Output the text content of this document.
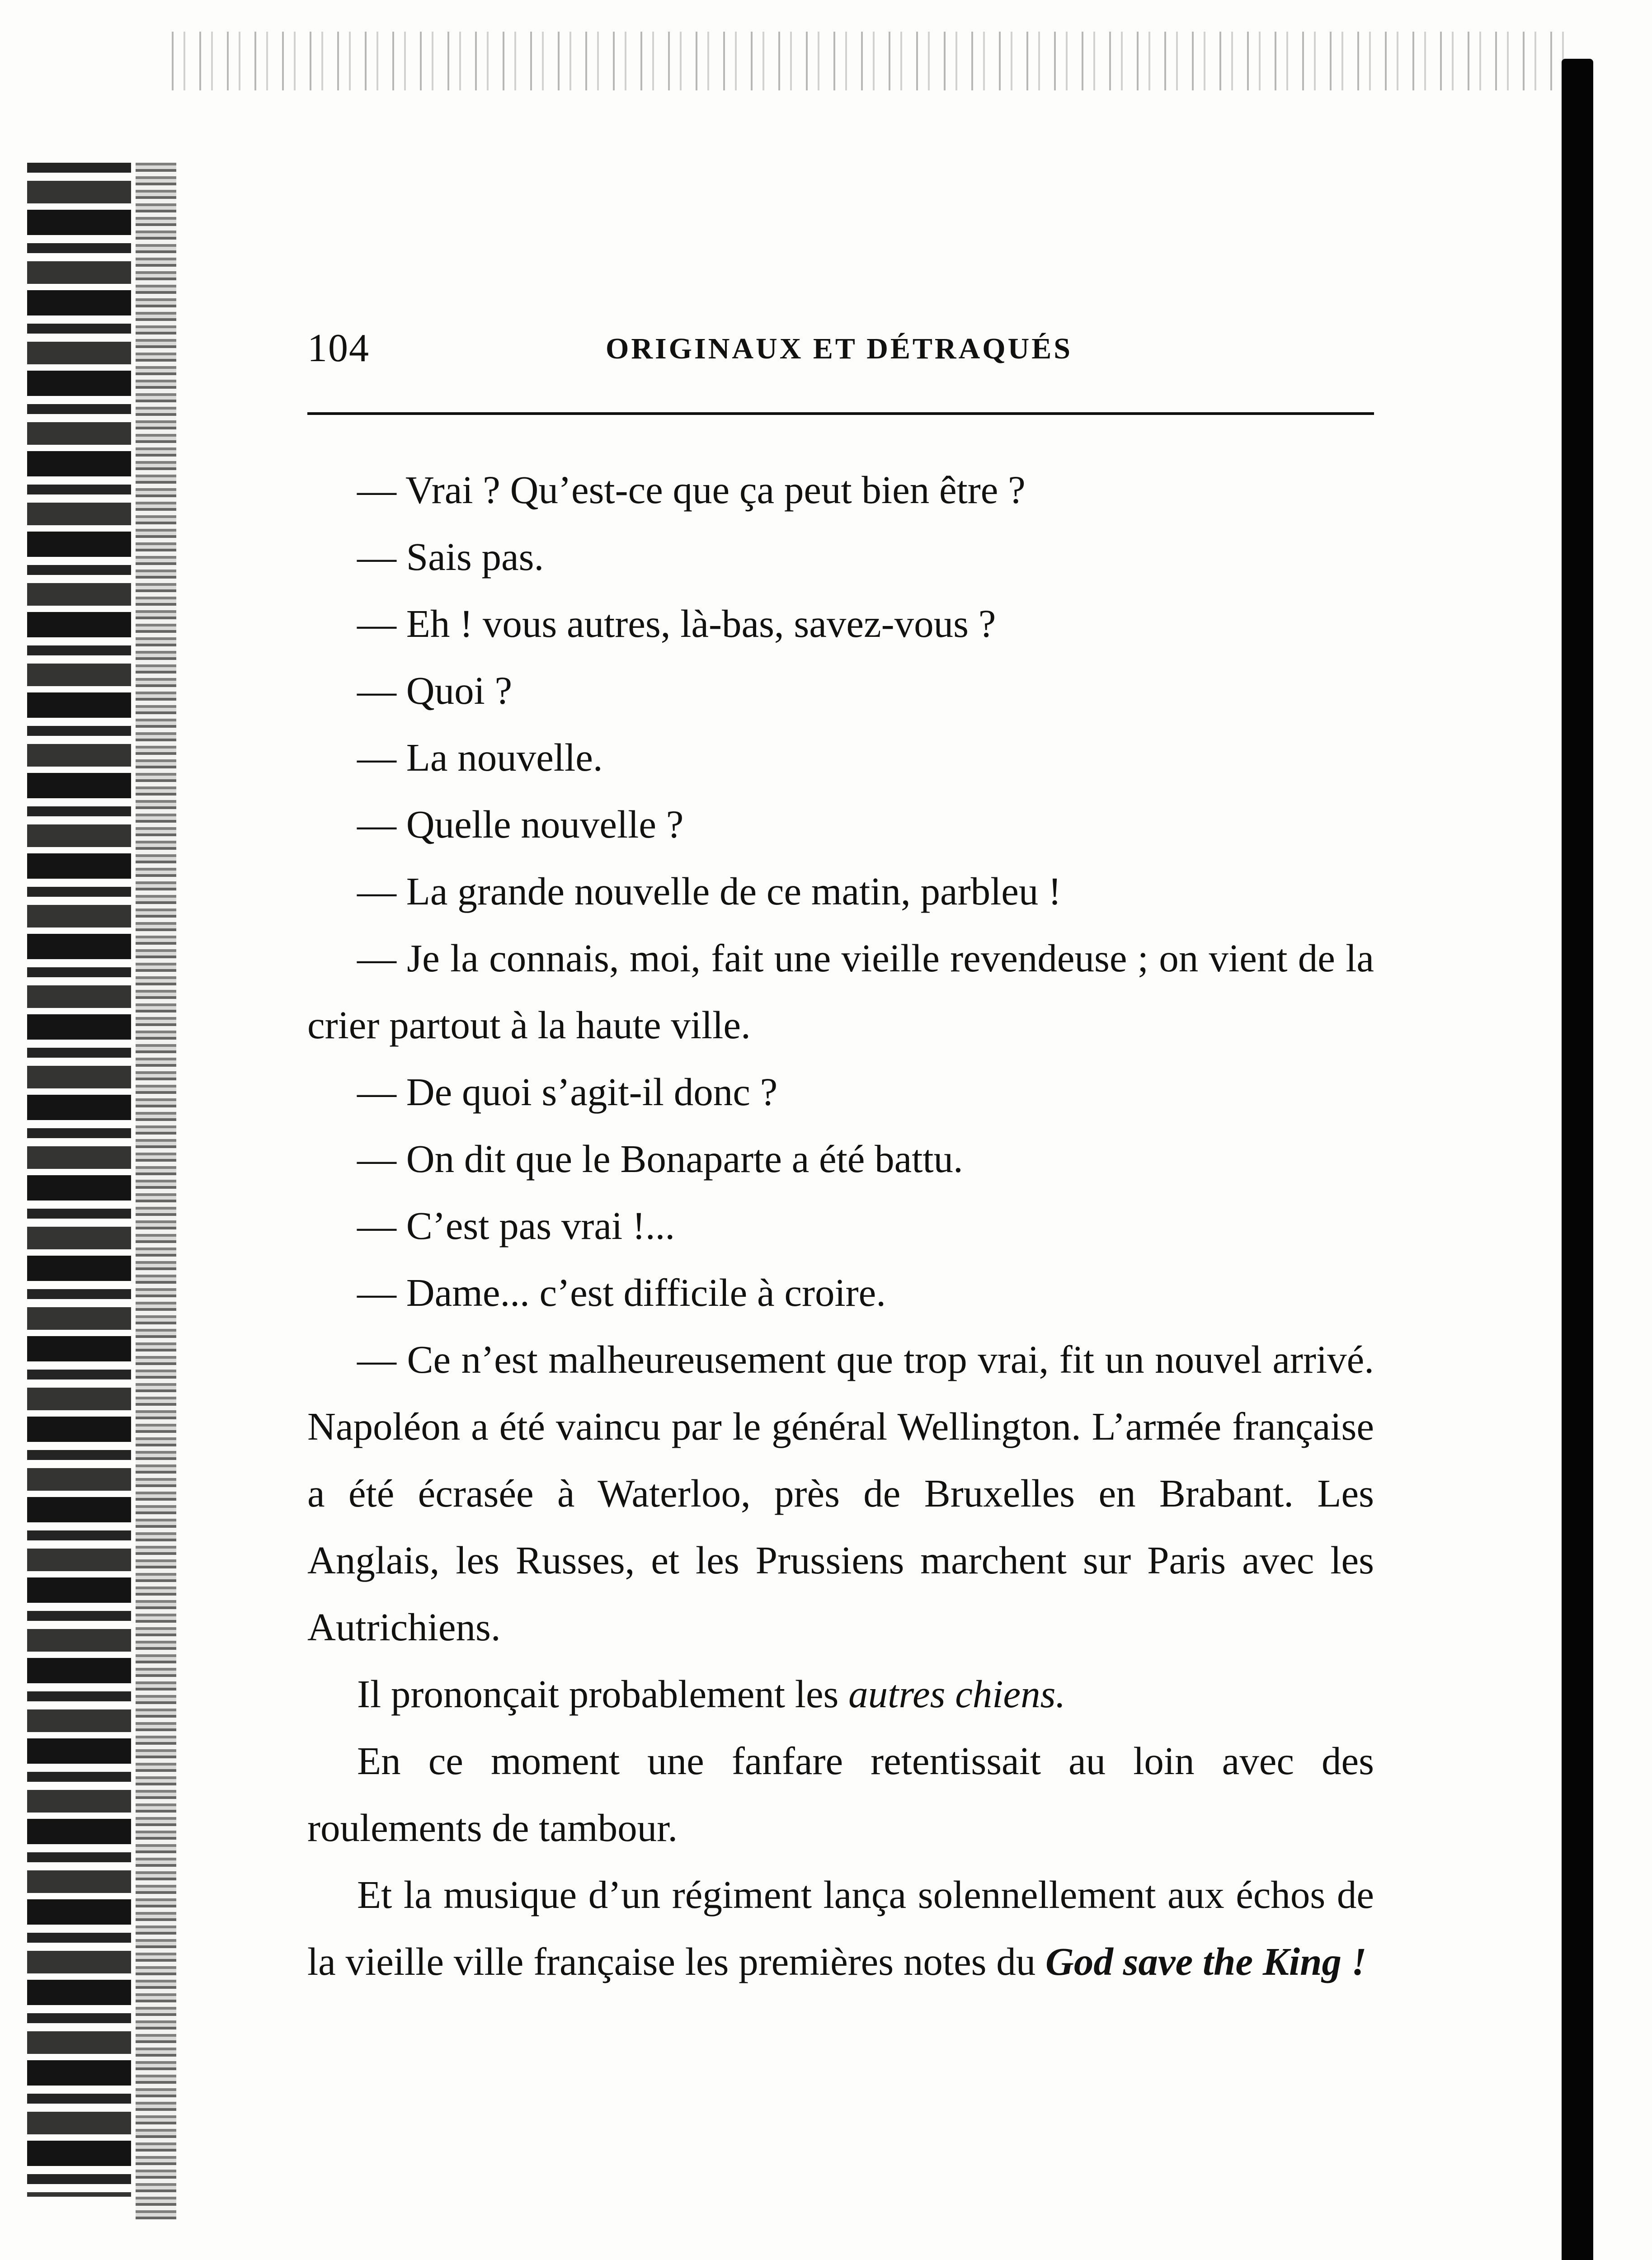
104	ORIGINAUX ET DÉTRAQUÉS

— Vrai ? Qu’est-ce que ça peut bien être ?

— Sais pas.

— Eh ! vous autres, là-bas, savez-vous ?

— Quoi ?

— La nouvelle.

— Quelle nouvelle ?

— La grande nouvelle de ce matin, parbleu !

— Je la connais, moi, fait une vieille revendeuse ; on vient de la crier partout à la haute ville.

— De quoi s’agit-il donc ?

— On dit que le Bonaparte a été battu.

— C’est pas vrai !...

— Dame... c’est difficile à croire.

— Ce n’est malheureusement que trop vrai, fit un nouvel arrivé. Napoléon a été vaincu par le général Wellington. L’armée française a été écrasée à Waterloo, près de Bruxelles en Brabant. Les Anglais, les Russes, et les Prussiens marchent sur Paris avec les Autrichiens.

Il prononçait probablement les autres chiens.

En ce moment une fanfare retentissait au loin avec des roulements de tambour.

Et la musique d’un régiment lança solennellement aux échos de la vieille ville française les premières notes du God save the King !
